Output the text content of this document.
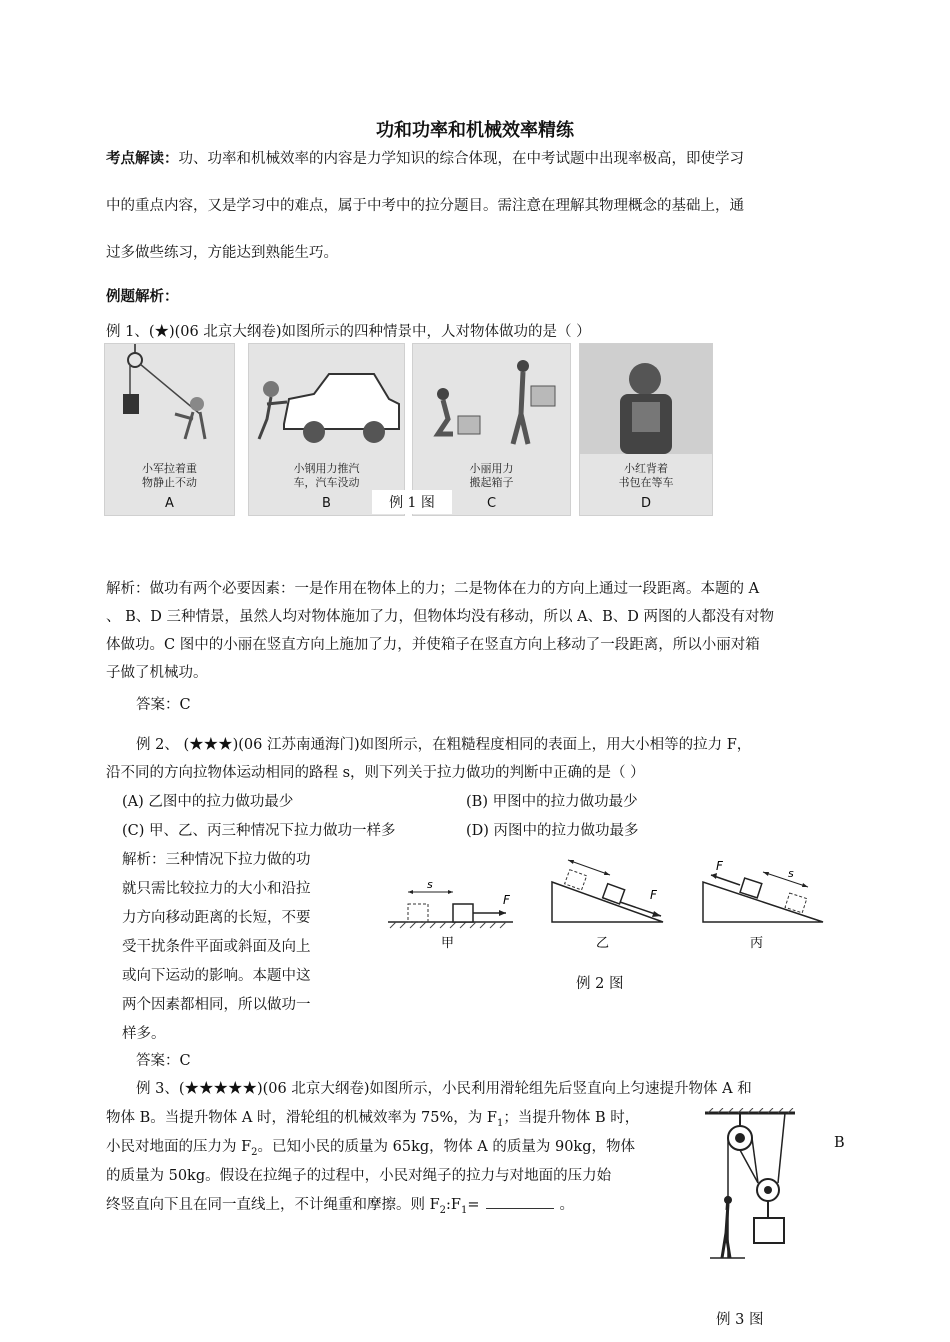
功和功率和机械效率精练
考点解读：功、功率和机械效率的内容是力学知识的综合体现，在中考试题中出现率极高，即使学习
中的重点内容，又是学习中的难点，属于中考中的拉分题目。需注意在理解其物理概念的基础上，通
过多做些练习，方能达到熟能生巧。
例题解析：
例 1、(★)(06 北京大纲卷)如图所示的四种情景中，人对物体做功的是（ ）
小军拉着重
物静止不动
A
小钢用力推汽
车，汽车没动
B
小丽用力
搬起箱子
C
小红背着
书包在等车
D
例 1 图
解析：做功有两个必要因素：一是作用在物体上的力；二是物体在力的方向上通过一段距离。本题的 A
、 B、D 三种情景，虽然人均对物体施加了力，但物体均没有移动，所以 A、B、D 两图的人都没有对物
体做功。C 图中的小丽在竖直方向上施加了力，并使箱子在竖直方向上移动了一段距离，所以小丽对箱
子做了机械功。
答案：C
例 2、 (★★★)(06 江苏南通海门)如图所示，在粗糙程度相同的表面上，用大小相等的拉力 F，
沿不同的方向拉物体运动相同的路程 s，则下列关于拉力做功的判断中正确的是（ ）
(A) 乙图中的拉力做功最少	(B) 甲图中的拉力做功最少
(C) 甲、乙、丙三种情况下拉力做功一样多	(D) 丙图中的拉力做功最多
解析：三种情况下拉力做的功
就只需比较拉力的大小和沿拉
力方向移动距离的长短，不要
受干扰条件平面或斜面及向上
或向下运动的影响。本题中这
两个因素都相同，所以做功一
样多。
s
F
甲
F
乙
F
s
丙
例 2 图
答案：C
例 3、(★★★★★)(06 北京大纲卷)如图所示，小民利用滑轮组先后竖直向上匀速提升物体 A 和
物体 B。当提升物体 A 时，滑轮组的机械效率为 75%，为 $F_1$；当提升物体 B 时，
小民对地面的压力为 $F_2$。已知小民的质量为 65kg，物体 A 的质量为 90kg，物体	B
的质量为 50kg。假设在拉绳子的过程中，小民对绳子的拉力与对地面的压力始
终竖直向下且在同一直线上，不计绳重和摩擦。则 $F_2:F_1=$	。
例 3 图
